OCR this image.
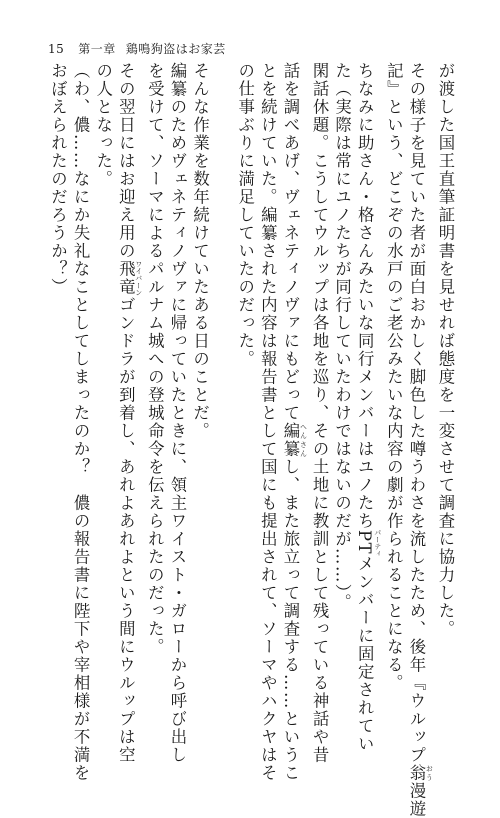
15 第一章 鶏鳴狗盗はお家芸
が渡した国王直筆証明書を見せれば態度を一変させて調査に協力した。
その様子を見ていた者が面白おかしく脚色した噂うわさを流したため、後年『ウルップ翁 おう漫遊
記』という、どこぞの水戸のご老公みたいな内容の劇が作られることになる。
ちなみに助さん・格さんみたいな同行メンバーはユノたちPT パーティメンバーに固定されてい
た（実際は常にユノたちが同行していたわけではないのだが……）。
閑話休題。こうしてウルップは各地を巡り、その土地に教訓として残っている神話や昔
話を調べあげ、ヴェネティノヴァにもどって編纂 へんさんし、また旅立って調査する……というこ
とを続けていた。編纂された内容は報告書として国にも提出されて、ソーマやハクヤはそ
の仕事ぶりに満足していたのだった。

そんな作業を数年続けていたある日のことだ。
編纂のためヴェネティノヴァに帰っていたときに、領主ワイスト・ガローから呼び出し
を受けて、ソーマによるパルナム城への登城命令を伝えられたのだった。
その翌日にはお迎え用の飛竜 ワイバーンゴンドラが到着し、あれよあれよという間にウルップは空
の人となった。
（わ、儂……なにか失礼なことしてしまったのか？　儂の報告書に陛下や宰相様が不満を
おぼえられたのだろうか？）
